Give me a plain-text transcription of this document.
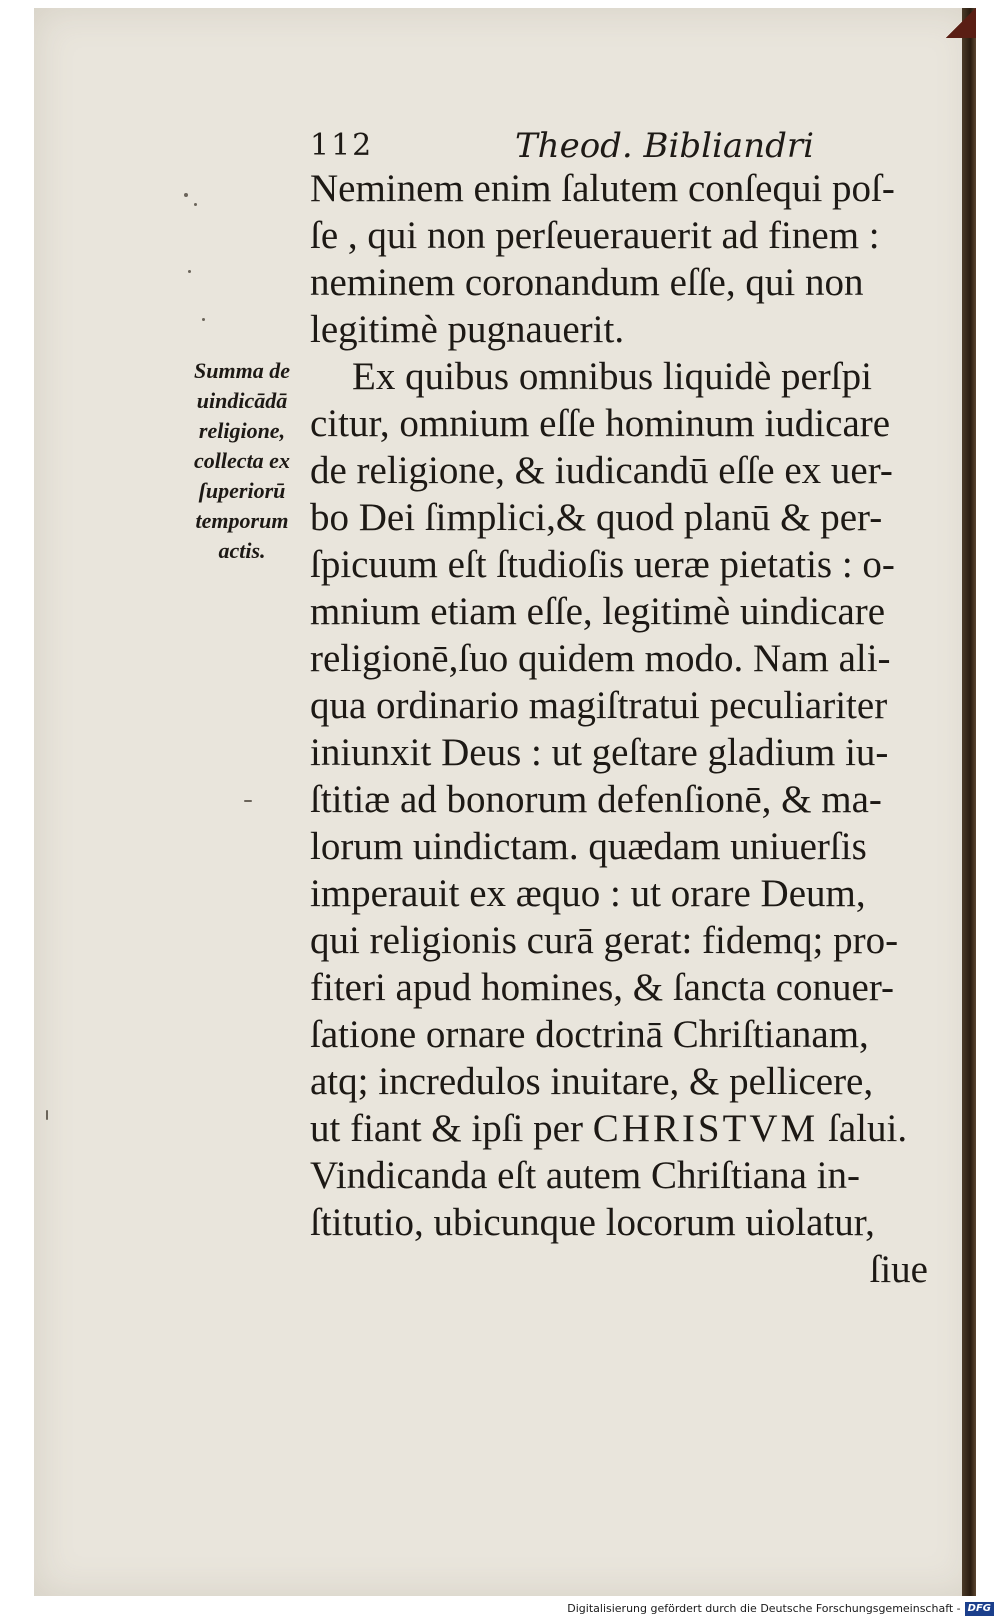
112	Theod. Bibliandri
Summa de
uindicādā
religione,
collecta ex
ſuperiorū
temporum
actis.
Neminem enim ſalutem conſequi poſ-
ſe , qui non perſeuerauerit ad finem :
neminem coronandum eſſe, qui non
legitimè pugnauerit.
Ex quibus omnibus liquidè perſpi
citur, omnium eſſe hominum iudicare
de religione, & iudicandū eſſe ex uer-
bo Dei ſimplici,& quod planū & per-
ſpicuum eſt ſtudioſis ueræ pietatis : o-
mnium etiam eſſe, legitimè uindicare
religionē,ſuo quidem modo. Nam ali-
qua ordinario magiſtratui peculiariter
iniunxit Deus : ut geſtare gladium iu-
ſtitiæ ad bonorum defenſionē, & ma-
lorum uindictam. quædam uniuerſis
imperauit ex æquo : ut orare Deum,
qui religionis curā gerat: fidemq; pro-
fiteri apud homines, & ſancta conuer-
ſatione ornare doctrinā Chriſtianam,
atq; incredulos inuitare, & pellicere,
ut fiant & ipſi per CHRISTVM ſalui.
Vindicanda eſt autem Chriſtiana in-
ſtitutio, ubicunque locorum uiolatur,
ſiue
Digitalisierung gefördert durch die Deutsche Forschungsgemeinschaft - DFG
